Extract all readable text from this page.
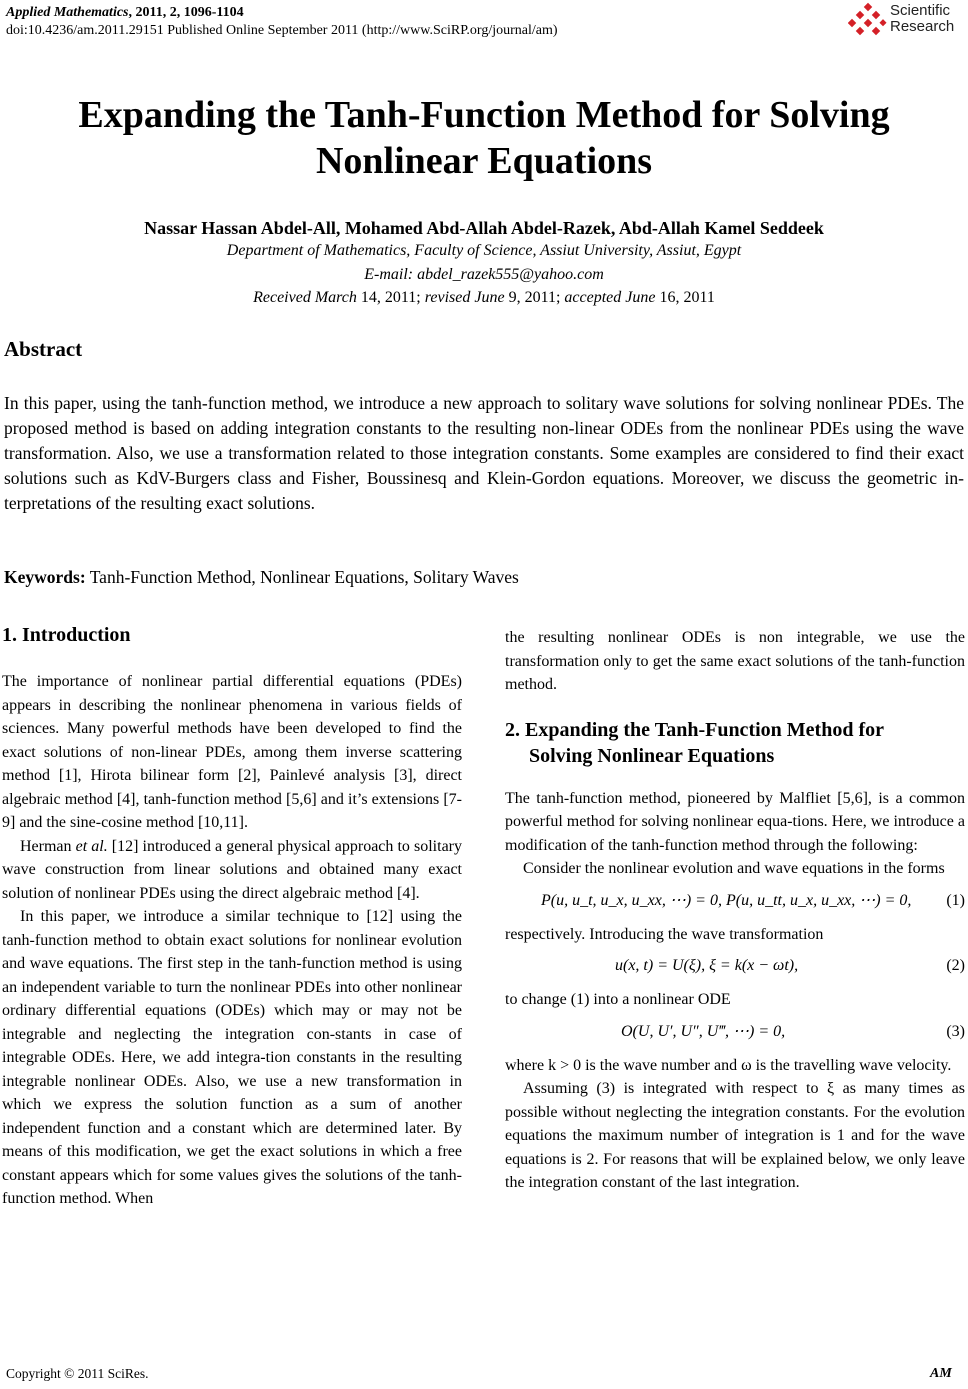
Applied Mathematics, 2011, 2, 1096-1104
doi:10.4236/am.2011.29151 Published Online September 2011 (http://www.SciRP.org/journal/am)
Scientific
Research
Expanding the Tanh-Function Method for Solving
Nonlinear Equations
Nassar Hassan Abdel-All, Mohamed Abd-Allah Abdel-Razek, Abd-Allah Kamel Seddeek
Department of Mathematics, Faculty of Science, Assiut University, Assiut, Egypt
E-mail: abdel_razek555@yahoo.com
Received March 14, 2011; revised June 9, 2011; accepted June 16, 2011
Abstract
In this paper, using the tanh-function method, we introduce a new approach to solitary wave solutions for solving nonlinear PDEs. The proposed method is based on adding integration constants to the resulting non-linear ODEs from the nonlinear PDEs using the wave transformation. Also, we use a transformation related to those integration constants. Some examples are considered to find their exact solutions such as KdV-Burgers class and Fisher, Boussinesq and Klein-Gordon equations. Moreover, we discuss the geometric in-terpretations of the resulting exact solutions.
Keywords: Tanh-Function Method, Nonlinear Equations, Solitary Waves
1. Introduction

The importance of nonlinear partial differential equations (PDEs) appears in describing the nonlinear phenomena in various fields of sciences. Many powerful methods have been developed to find the exact solutions of non-linear PDEs, among them inverse scattering method [1], Hirota bilinear form [2], Painlevé analysis [3], direct algebraic method [4], tanh-function method [5,6] and it’s extensions [7-9] and the sine-cosine method [10,11].

Herman et al. [12] introduced a general physical approach to solitary wave construction from linear solutions and obtained many exact solution of nonlinear PDEs using the direct algebraic method [4].

In this paper, we introduce a similar technique to [12] using the tanh-function method to obtain exact solutions for nonlinear evolution and wave equations. The first step in the tanh-function method is using an independent variable to turn the nonlinear PDEs into other nonlinear ordinary differential equations (ODEs) which may or may not be integrable and neglecting the integration con-stants in case of integrable ODEs. Here, we add integra-tion constants in the resulting integrable nonlinear ODEs. Also, we use a new transformation in which we express the solution function as a sum of another independent function and a constant which are determined later. By means of this modification, we get the exact solutions in which a free constant appears which for some values gives the solutions of the tanh-function method. When

the resulting nonlinear ODEs is non integrable, we use the transformation only to get the same exact solutions of the tanh-function method.

2. Expanding the Tanh-Function Method for
Solving Nonlinear Equations

The tanh-function method, pioneered by Malfliet [5,6], is a common powerful method for solving nonlinear equa-tions. Here, we introduce a modification of the tanh-function method through the following:

Consider the nonlinear evolution and wave equations in the forms

P(u, u_t, u_x, u_xx, ⋯) = 0, P(u, u_tt, u_x, u_xx, ⋯) = 0, (1)

respectively. Introducing the wave transformation

u(x, t) = U(ξ), ξ = k(x − ωt),	(2)

to change (1) into a nonlinear ODE

O(U, U′, U″, U‴, ⋯) = 0,	(3)

where k > 0 is the wave number and ω is the travelling wave velocity.

Assuming (3) is integrated with respect to ξ as many times as possible without neglecting the integration constants. For the evolution equations the maximum number of integration is 1 and for the wave equations is 2. For reasons that will be explained below, we only leave the integration constant of the last integration.

Copyright © 2011 SciRes.	AM
